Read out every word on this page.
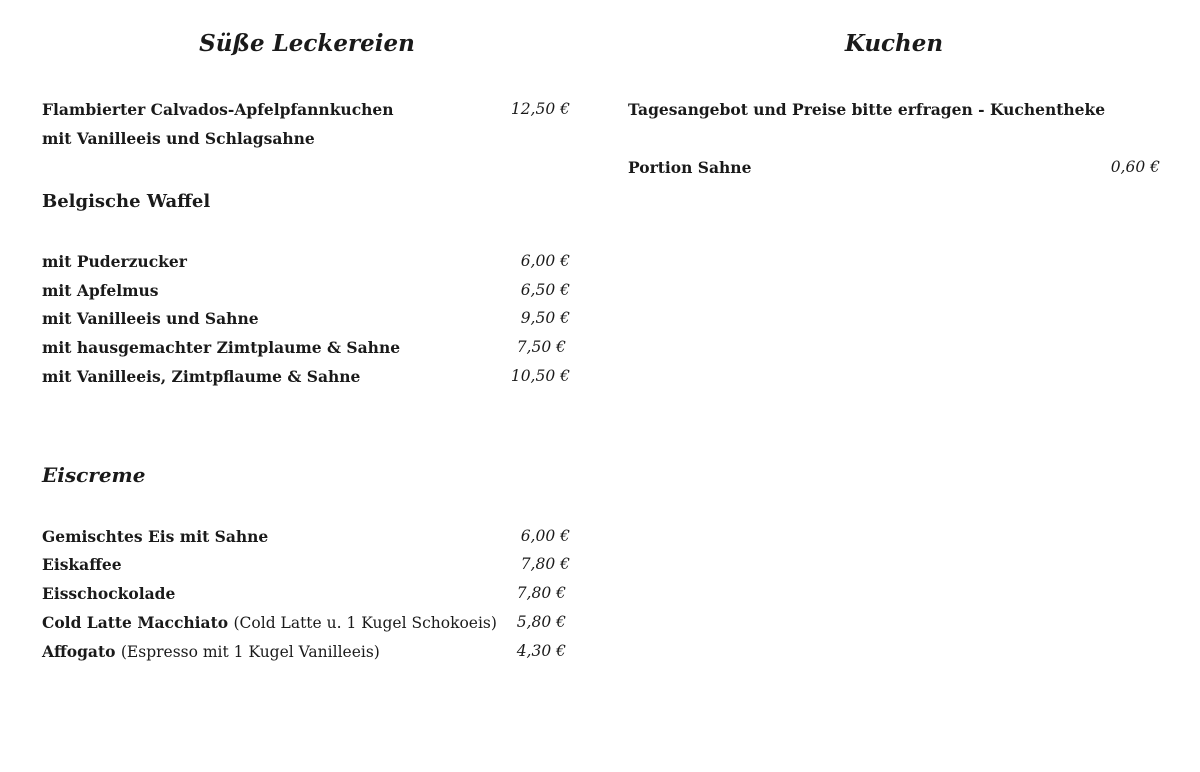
Süße Leckereien
Flambierter Calvados-Apfelpfannkuchen	12,50 €
mit Vanilleeis und Schlagsahne
Belgische Waffel
mit Puderzucker	6,00 €
mit Apfelmus	6,50 €
mit Vanilleeis und Sahne	9,50 €
mit hausgemachter Zimtplaume & Sahne	7,50 €
mit Vanilleeis, Zimtpflaume & Sahne	10,50 €
Eiscreme
Gemischtes Eis mit Sahne	6,00 €
Eiskaffee	7,80 €
Eisschockolade	7,80 €
Cold Latte Macchiato (Cold Latte u. 1 Kugel Schokoeis) 5,80 €
Affogato (Espresso mit 1 Kugel Vanilleeis)	4,30 €
Kuchen
Tagesangebot und Preise bitte erfragen - Kuchentheke
Portion Sahne	0,60 €
